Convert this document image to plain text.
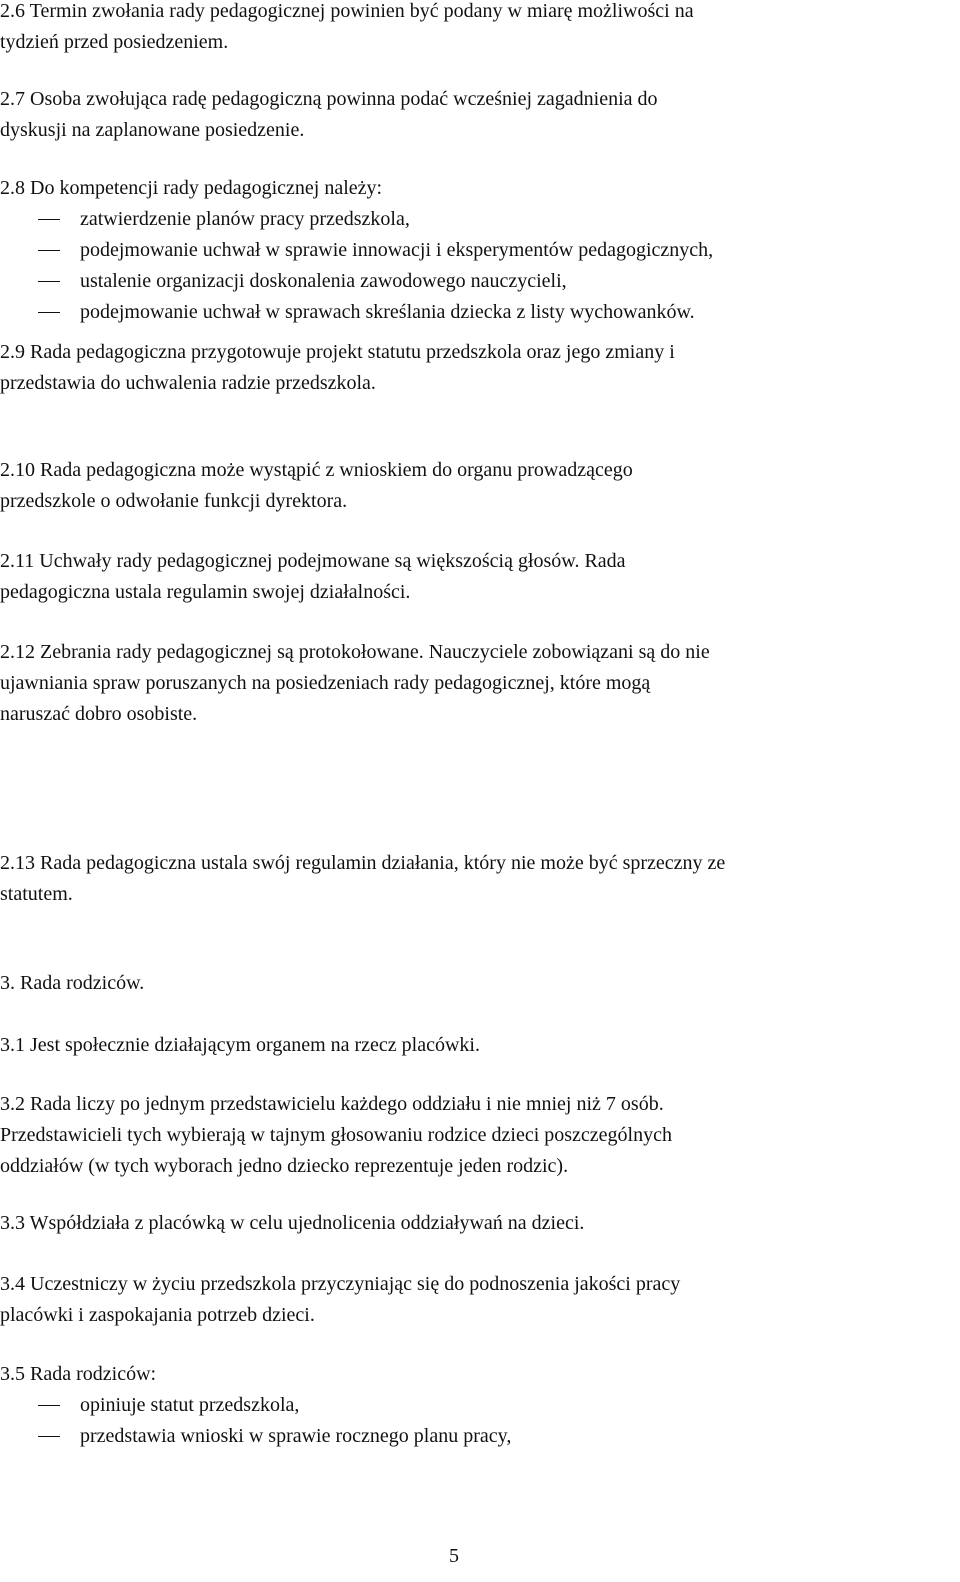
2.6 Termin zwołania rady pedagogicznej powinien być podany w miarę możliwości na
tydzień przed posiedzeniem.
2.7 Osoba zwołująca radę pedagogiczną powinna podać wcześniej zagadnienia do
dyskusji na zaplanowane posiedzenie.
2.8 Do kompetencji rady pedagogicznej należy:
zatwierdzenie planów pracy przedszkola,
podejmowanie uchwał w sprawie innowacji i eksperymentów pedagogicznych,
ustalenie organizacji doskonalenia zawodowego nauczycieli,
podejmowanie uchwał w sprawach skreślania dziecka z listy wychowanków.
2.9 Rada pedagogiczna przygotowuje projekt statutu przedszkola oraz jego zmiany i
przedstawia do uchwalenia radzie przedszkola.
2.10 Rada pedagogiczna może wystąpić z wnioskiem do organu prowadzącego
przedszkole o odwołanie funkcji dyrektora.
2.11 Uchwały rady pedagogicznej podejmowane są większością głosów. Rada
pedagogiczna ustala regulamin swojej działalności.
2.12 Zebrania rady pedagogicznej są protokołowane. Nauczyciele zobowiązani są do nie
ujawniania spraw poruszanych na posiedzeniach rady pedagogicznej, które mogą
naruszać dobro osobiste.
2.13 Rada pedagogiczna ustala swój regulamin działania, który nie może być sprzeczny ze
statutem.
3. Rada rodziców.
3.1 Jest społecznie działającym organem na rzecz placówki.
3.2 Rada liczy po jednym przedstawicielu każdego oddziału i nie mniej niż 7 osób.
Przedstawicieli tych wybierają w tajnym głosowaniu rodzice dzieci poszczególnych
oddziałów (w tych wyborach jedno dziecko reprezentuje jeden rodzic).
3.3 Współdziała z placówką w celu ujednolicenia oddziaływań na dzieci.
3.4 Uczestniczy w życiu przedszkola przyczyniając się do podnoszenia jakości pracy
placówki i zaspokajania potrzeb dzieci.
3.5 Rada rodziców:
opiniuje statut przedszkola,
przedstawia wnioski w sprawie rocznego planu pracy,
5
